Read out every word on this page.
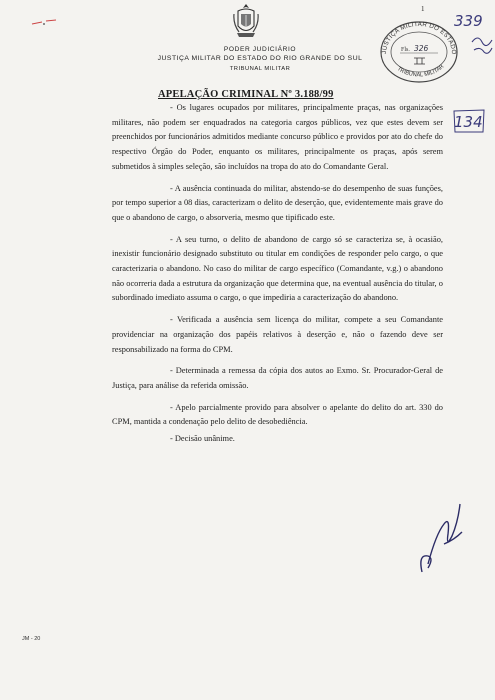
1
PODER JUDICIÁRIO
JUSTIÇA MILITAR DO ESTADO DO RIO GRANDE DO SUL
TRIBUNAL MILITAR
JUSTIÇA MILITAR DO ESTADO
TRIBUNAL MILITAR
Fls. 326
339
134
APELAÇÃO CRIMINAL Nº 3.188/99

- Os lugares ocupados por militares, principalmente praças, nas organizações militares, não podem ser enquadrados na categoria cargos públicos, vez que estes devem ser preenchidos por funcionários admitidos mediante concurso público e providos por ato do chefe do respectivo Órgão do Poder, enquanto os militares, principalmente os praças, após serem submetidos à simples seleção, são incluídos na tropa do ato do Comandante Geral.

- A ausência continuada do militar, abstendo-se do desempenho de suas funções, por tempo superior a 08 dias, caracterizam o delito de deserção, que, evidentemente mais grave do que o abandono de cargo, o absorveria, mesmo que tipificado este.

- A seu turno, o delito de abandono de cargo só se caracteriza se, à ocasião, inexistir funcionário designado substituto ou titular em condições de responder pelo cargo, o que caracterizaria o abandono. No caso do militar de cargo específico (Comandante, v.g.) o abandono não ocorreria dada a estrutura da organização que determina que, na eventual ausência do titular, o subordinado imediato assuma o cargo, o que impediria a caracterização do abandono.

- Verificada a ausência sem licença do militar, compete a seu Comandante providenciar na organização dos papéis relativos à deserção e, não o fazendo deve ser responsabilizado na forma do CPM.

- Determinada a remessa da cópia dos autos ao Exmo. Sr. Procurador-Geral de Justiça, para análise da referida omissão.

- Apelo parcialmente provido para absolver o apelante do delito do art. 330 do CPM, mantida a condenação pelo delito de desobediência.

- Decisão unânime.

JM - 20
